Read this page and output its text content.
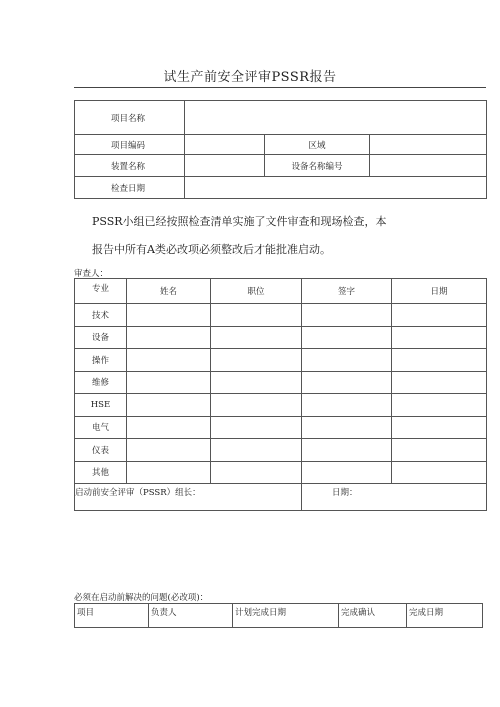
试生产前安全评审PSSR报告
项目名称			
项目编码		区域	
装置名称		设备名称编号	
检查日期			
PSSR小组已经按照检查清单实施了文件审查和现场检查，本
报告中所有A类必改项必须整改后才能批准启动。
审查人：
专业	姓名	职位	签字	日期
技术				
设备				
操作				
维修				
HSE				
电气				
仪表				
其他				
启动前安全评审（PSSR）组长：			日期：	
必须在启动前解决的问题(必改项)：
项目	负责人	计划完成日期	完成确认	完成日期
